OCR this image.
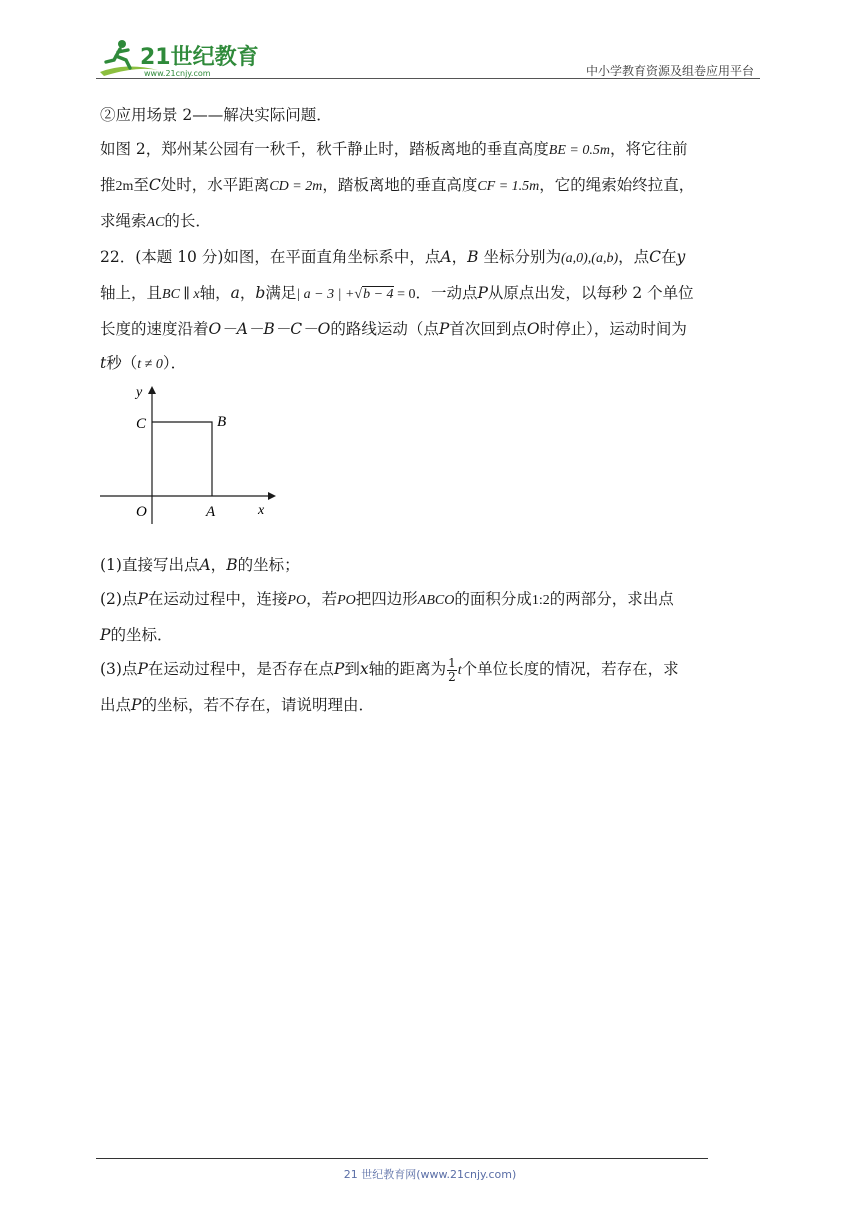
21世纪教育
www.21cnjy.com	中小学教育资源及组卷应用平台

②应用场景 2——解决实际问题．

如图 2，郑州某公园有一秋千，秋千静止时，踏板离地的垂直高度BE = 0.5m，将它往前

推2m至C处时，水平距离CD = 2m，踏板离地的垂直高度CF = 1.5m，它的绳索始终拉直，

求绳索AC的长．

22．(本题 10 分)如图，在平面直角坐标系中，点A，B 坐标分别为(a,0),(a,b)，点C在y

轴上，且BC ∥ x轴，a，b满足| a − 3 | +√b − 4 = 0．一动点P从原点出发，以每秒 2 个单位

长度的速度沿着O－A－B－C－O的路线运动（点P首次回到点O时停止），运动时间为

t秒（t ≠ 0）．

y
C	B
O	A	x

(1)直接写出点A，B的坐标；

(2)点P在运动过程中，连接PO，若PO把四边形ABCO的面积分成1:2的两部分，求出点

P的坐标．

(3)点P在运动过程中，是否存在点P到x轴的距离为 $\frac{1}{2}$ t个单位长度的情况，若存在，求

出点P的坐标，若不存在，请说明理由．

21 世纪教育网(www.21cnjy.com)
